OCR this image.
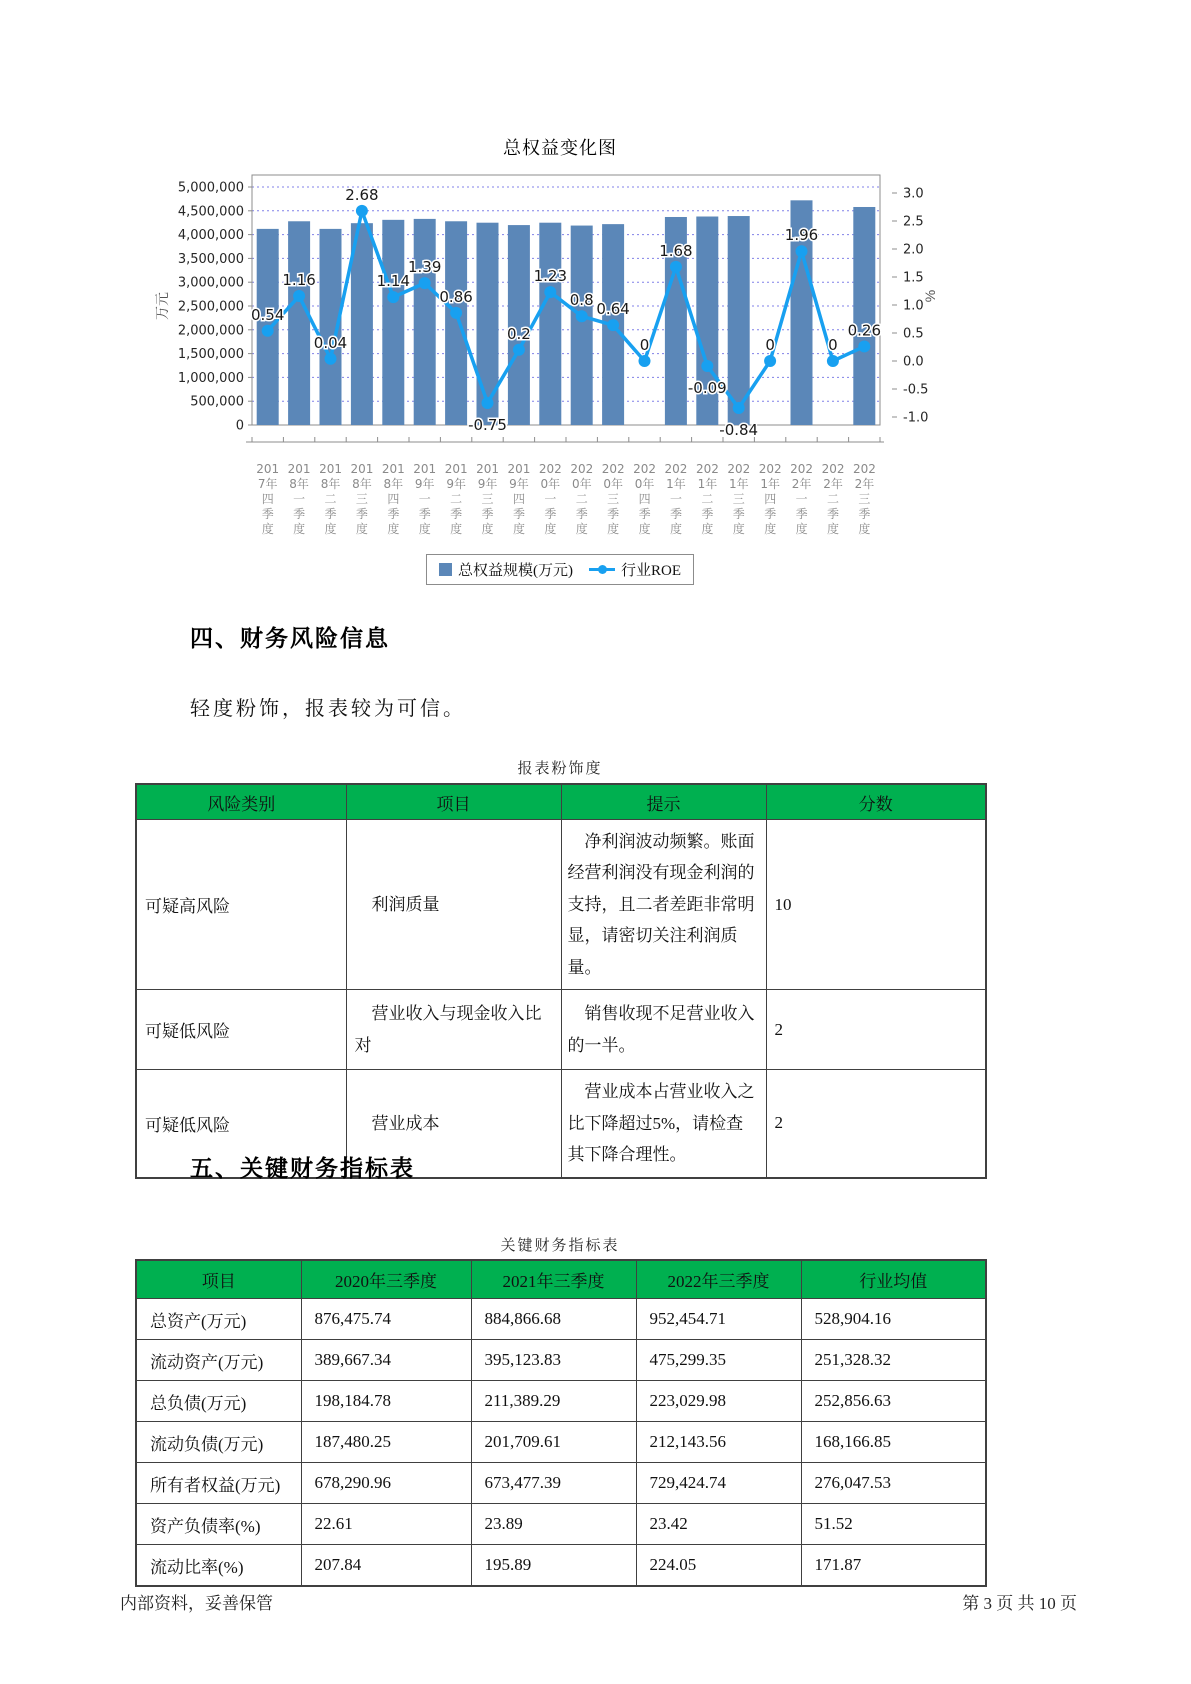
总权益变化图
0
500,000
1,000,000
1,500,000
2,000,000
2,500,000
3,000,000
3,500,000
4,000,000
4,500,000
5,000,000
-1.0
-0.5
0.0
0.5
1.0
1.5
2.0
2.5
3.0
0.54
1.16
0.04
2.68
1.14
1.39
0.86
-0.75
0.2
1.23
0.8 0.64
0
1.68
-0.09
-0.84
0
1.96
0
0.26
万元	%
2017年四季度
2018年一季度
2018年二季度
2018年三季度
2018年四季度
2019年一季度
2019年二季度
2019年三季度
2019年四季度
2020年一季度
2020年二季度
2020年三季度
2020年四季度
2021年一季度
2021年二季度
2021年三季度
2021年四季度
2022年一季度
2022年二季度
2022年三季度
总权益规模(万元)	行业ROE
四、财务风险信息
轻度粉饰，报表较为可信。
报表粉饰度
风险类别	项目	提示	分数
可疑高风险	利润质量	净利润波动频繁。账面经营利润没有现金利润的支持，且二者差距非常明显，请密切关注利润质量。	10
可疑低风险	营业收入与现金收入比对	销售收现不足营业收入的一半。	2
可疑低风险	营业成本	营业成本占营业收入之比下降超过5%，请检查其下降合理性。	2
五、关键财务指标表
关键财务指标表
项目	2020年三季度	2021年三季度	2022年三季度	行业均值
总资产(万元)	876,475.74	884,866.68	952,454.71	528,904.16
流动资产(万元)	389,667.34	395,123.83	475,299.35	251,328.32
总负债(万元)	198,184.78	211,389.29	223,029.98	252,856.63
流动负债(万元)	187,480.25	201,709.61	212,143.56	168,166.85
所有者权益(万元)	678,290.96	673,477.39	729,424.74	276,047.53
资产负债率(%)	22.61	23.89	23.42	51.52
流动比率(%)	207.84	195.89	224.05	171.87
内部资料，妥善保管	第 3 页 共 10 页
